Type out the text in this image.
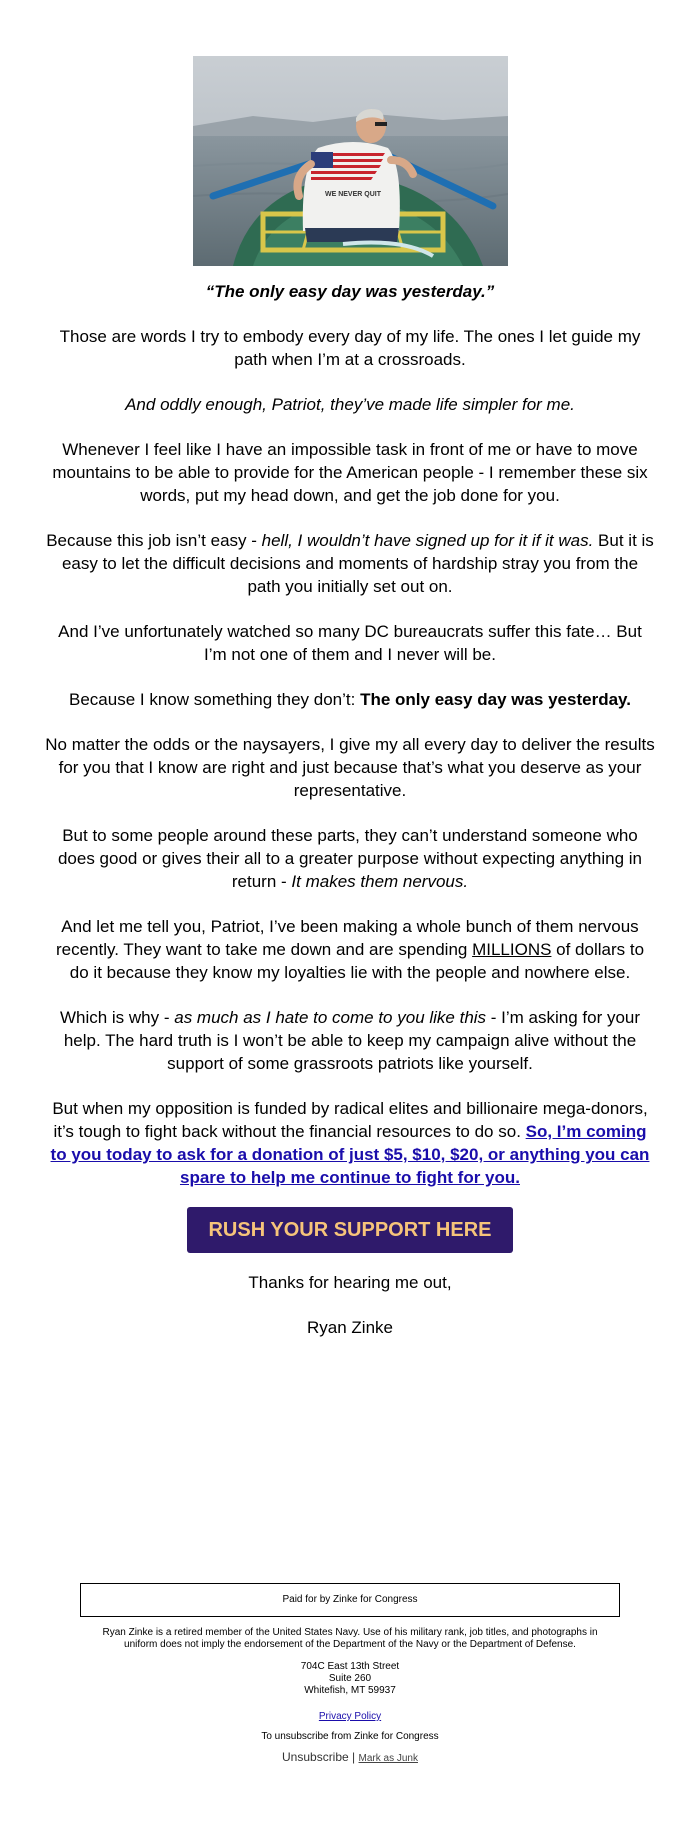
WE NEVER QUIT
“The only easy day was yesterday.”

Those are words I try to embody every day of my life. The ones I let guide my path when I’m at a crossroads.

And oddly enough, Patriot, they’ve made life simpler for me.

Whenever I feel like I have an impossible task in front of me or have to move mountains to be able to provide for the American people - I remember these six words, put my head down, and get the job done for you.

Because this job isn’t easy - hell, I wouldn’t have signed up for it if it was. But it is easy to let the difficult decisions and moments of hardship stray you from the path you initially set out on.

And I’ve unfortunately watched so many DC bureaucrats suffer this fate… But I’m not one of them and I never will be.

Because I know something they don’t: The only easy day was yesterday.

No matter the odds or the naysayers, I give my all every day to deliver the results for you that I know are right and just because that’s what you deserve as your representative.

But to some people around these parts, they can’t understand someone who does good or gives their all to a greater purpose without expecting anything in return - It makes them nervous.

And let me tell you, Patriot, I’ve been making a whole bunch of them nervous recently. They want to take me down and are spending MILLIONS of dollars to do it because they know my loyalties lie with the people and nowhere else.

Which is why - as much as I hate to come to you like this - I’m asking for your help. The hard truth is I won’t be able to keep my campaign alive without the support of some grassroots patriots like yourself.

But when my opposition is funded by radical elites and billionaire mega-donors, it’s tough to fight back without the financial resources to do so. So, I’m coming to you today to ask for a donation of just $5, $10, $20, or anything you can spare to help me continue to fight for you.

RUSH YOUR SUPPORT HERE

Thanks for hearing me out,

Ryan Zinke

Paid for by Zinke for Congress
Ryan Zinke is a retired member of the United States Navy. Use of his military rank, job titles, and photographs in uniform does not imply the endorsement of the Department of the Navy or the Department of Defense.
704C East 13th Street
Suite 260
Whitefish, MT 59937
Privacy Policy
To unsubscribe from Zinke for Congress
Unsubscribe | Mark as Junk
